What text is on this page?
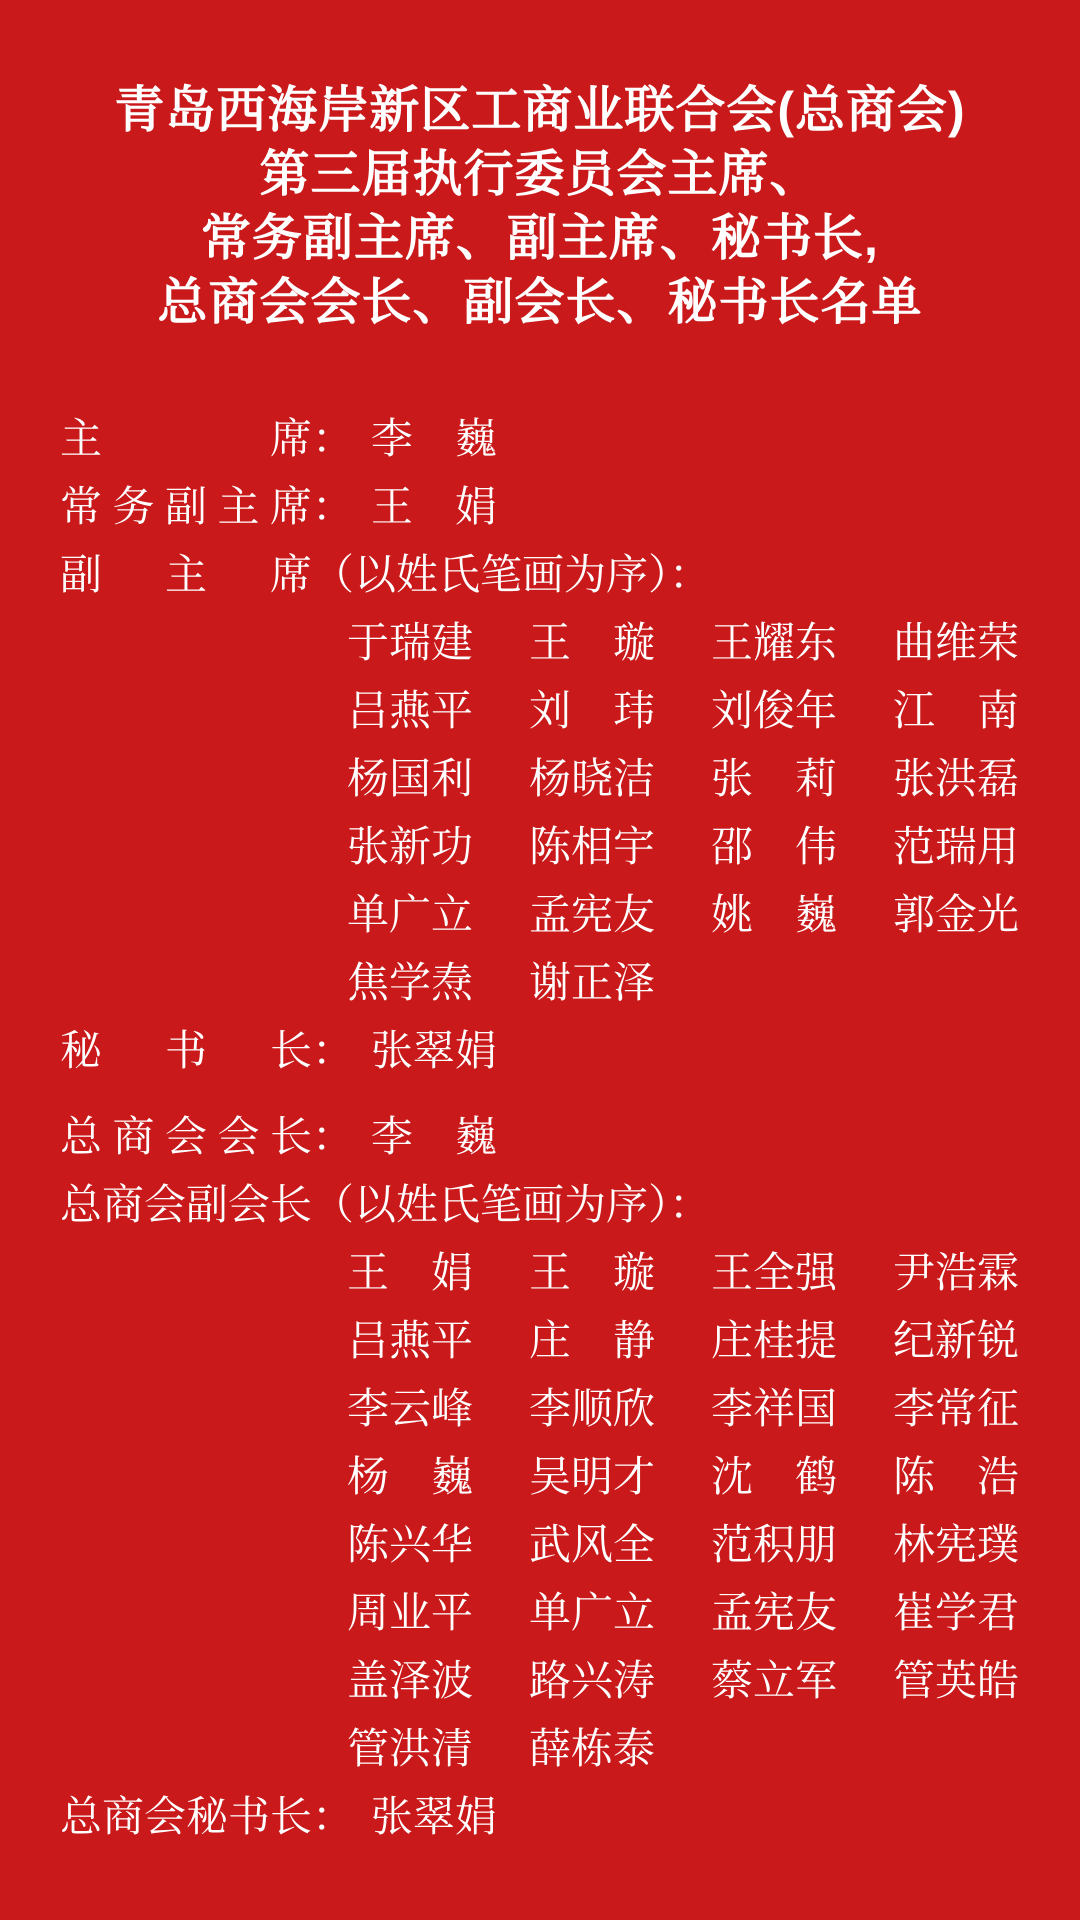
青岛西海岸新区工商业联合会(总商会)
第三届执行委员会主席、
常务副主席、副主席、秘书长,
总商会会长、副会长、秘书长名单
主席： 李　巍
常务副主席： 王　娟
副主席（以姓氏笔画为序）：
于瑞建 王　璇 王耀东 曲维荣
吕燕平 刘　玮 刘俊年 江　南
杨国利 杨晓洁 张　莉 张洪磊
张新功 陈相宇 邵　伟 范瑞用
单广立 孟宪友 姚　巍 郭金光
焦学焘 谢正泽
秘书长： 张翠娟
总商会会长： 李　巍
总商会副会长（以姓氏笔画为序）：
王　娟 王　璇 王全强 尹浩霖
吕燕平 庄　静 庄桂提 纪新锐
李云峰 李顺欣 李祥国 李常征
杨　巍 吴明才 沈　鹤 陈　浩
陈兴华 武风全 范积朋 林宪璞
周业平 单广立 孟宪友 崔学君
盖泽波 路兴涛 蔡立军 管英皓
管洪清 薛栋泰
总商会秘书长： 张翠娟
